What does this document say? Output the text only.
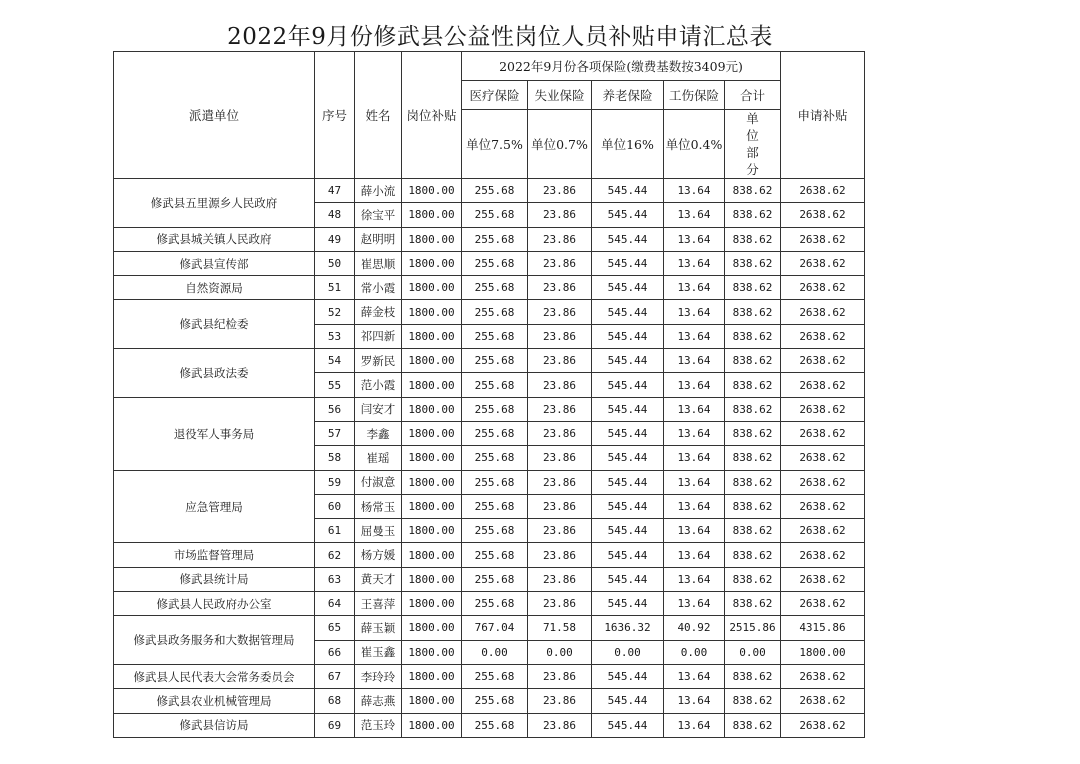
2022年9月份修武县公益性岗位人员补贴申请汇总表
派遣单位	序号	姓名	岗位补贴	2022年9月份各项保险(缴费基数按3409元)					申请补贴
				医疗保险	失业保险	养老保险	工伤保险	合计	
				单位7.5%	单位0.7%	单位16%	单位0.4%	单位部分	
修武县五里源乡人民政府	47	薛小流	1800.00	255.68	23.86	545.44	13.64	838.62	2638.62
	48	徐宝平	1800.00	255.68	23.86	545.44	13.64	838.62	2638.62
修武县城关镇人民政府	49	赵明明	1800.00	255.68	23.86	545.44	13.64	838.62	2638.62
修武县宣传部	50	崔思顺	1800.00	255.68	23.86	545.44	13.64	838.62	2638.62
自然资源局	51	常小霞	1800.00	255.68	23.86	545.44	13.64	838.62	2638.62
修武县纪检委	52	薛金枝	1800.00	255.68	23.86	545.44	13.64	838.62	2638.62
	53	祁四新	1800.00	255.68	23.86	545.44	13.64	838.62	2638.62
修武县政法委	54	罗新民	1800.00	255.68	23.86	545.44	13.64	838.62	2638.62
	55	范小霞	1800.00	255.68	23.86	545.44	13.64	838.62	2638.62
退役军人事务局	56	闫安才	1800.00	255.68	23.86	545.44	13.64	838.62	2638.62
	57	李鑫	1800.00	255.68	23.86	545.44	13.64	838.62	2638.62
	58	崔瑶	1800.00	255.68	23.86	545.44	13.64	838.62	2638.62
应急管理局	59	付淑意	1800.00	255.68	23.86	545.44	13.64	838.62	2638.62
	60	杨常玉	1800.00	255.68	23.86	545.44	13.64	838.62	2638.62
	61	屈曼玉	1800.00	255.68	23.86	545.44	13.64	838.62	2638.62
市场监督管理局	62	杨方媛	1800.00	255.68	23.86	545.44	13.64	838.62	2638.62
修武县统计局	63	黄天才	1800.00	255.68	23.86	545.44	13.64	838.62	2638.62
修武县人民政府办公室	64	王喜萍	1800.00	255.68	23.86	545.44	13.64	838.62	2638.62
修武县政务服务和大数据管理局	65	薛玉颖	1800.00	767.04	71.58	1636.32	40.92	2515.86	4315.86
	66	崔玉鑫	1800.00	0.00	0.00	0.00	0.00	0.00	1800.00
修武县人民代表大会常务委员会	67	李玲玲	1800.00	255.68	23.86	545.44	13.64	838.62	2638.62
修武县农业机械管理局	68	薛志燕	1800.00	255.68	23.86	545.44	13.64	838.62	2638.62
修武县信访局	69	范玉玲	1800.00	255.68	23.86	545.44	13.64	838.62	2638.62
